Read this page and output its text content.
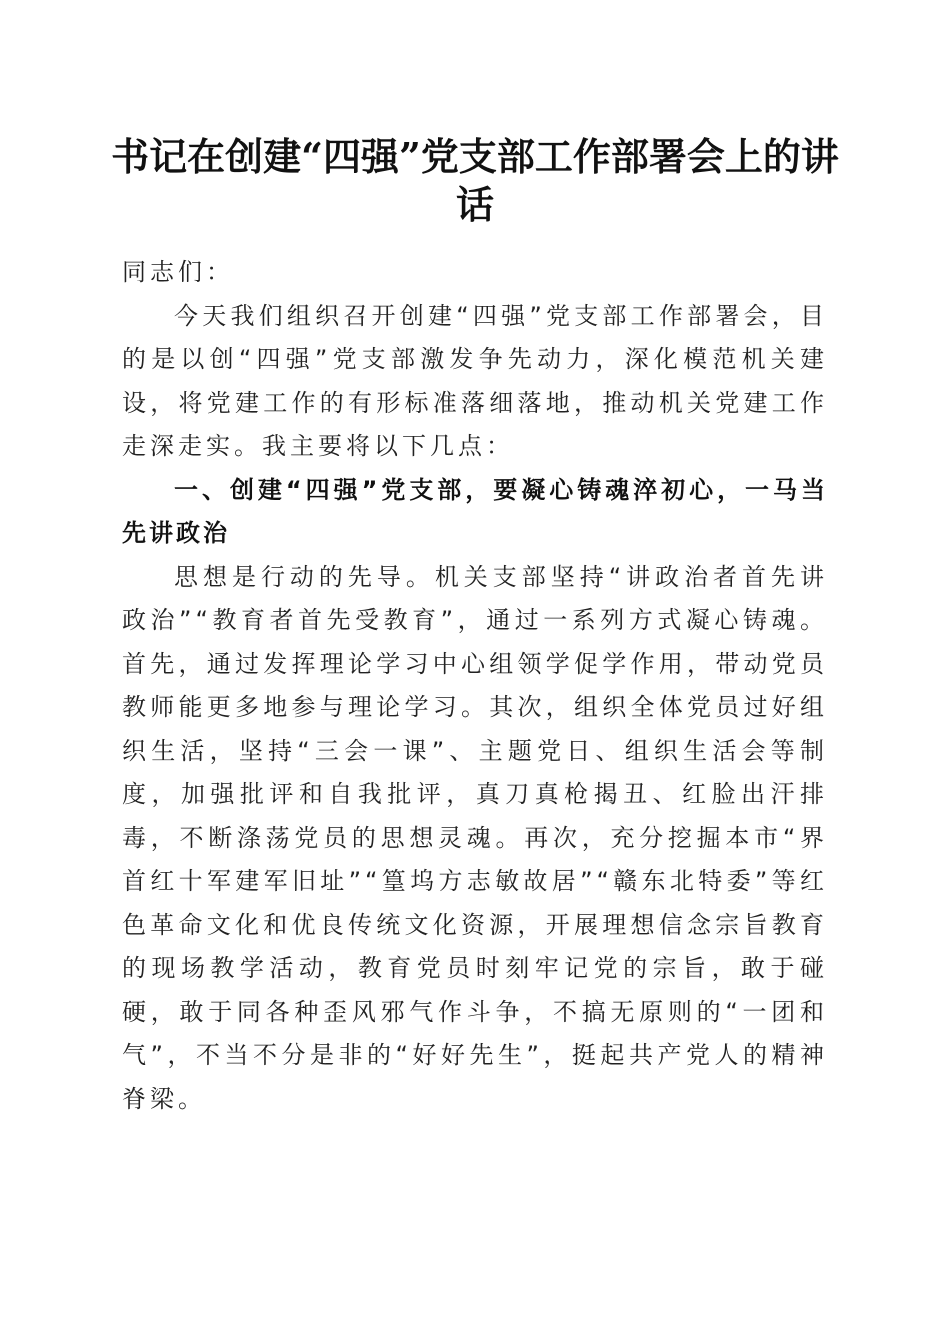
书记在创建“四强”党支部工作部署会上的讲话

同志们：

今天我们组织召开创建“四强”党支部工作部署会，目的是以创“四强”党支部激发争先动力，深化模范机关建设，将党建工作的有形标准落细落地，推动机关党建工作走深走实。我主要将以下几点：

一、创建“四强”党支部，要凝心铸魂淬初心，一马当先讲政治

思想是行动的先导。机关支部坚持“讲政治者首先讲政治”“教育者首先受教育”，通过一系列方式凝心铸魂。首先，通过发挥理论学习中心组领学促学作用，带动党员教师能更多地参与理论学习。其次，组织全体党员过好组织生活，坚持“三会一课”、主题党日、组织生活会等制度，加强批评和自我批评，真刀真枪揭丑、红脸出汗排毒，不断涤荡党员的思想灵魂。再次，充分挖掘本市“界首红十军建军旧址”“篁坞方志敏故居”“赣东北特委”等红色革命文化和优良传统文化资源，开展理想信念宗旨教育的现场教学活动，教育党员时刻牢记党的宗旨，敢于碰硬，敢于同各种歪风邪气作斗争，不搞无原则的“一团和气”，不当不分是非的“好好先生”，挺起共产党人的精神脊梁。
